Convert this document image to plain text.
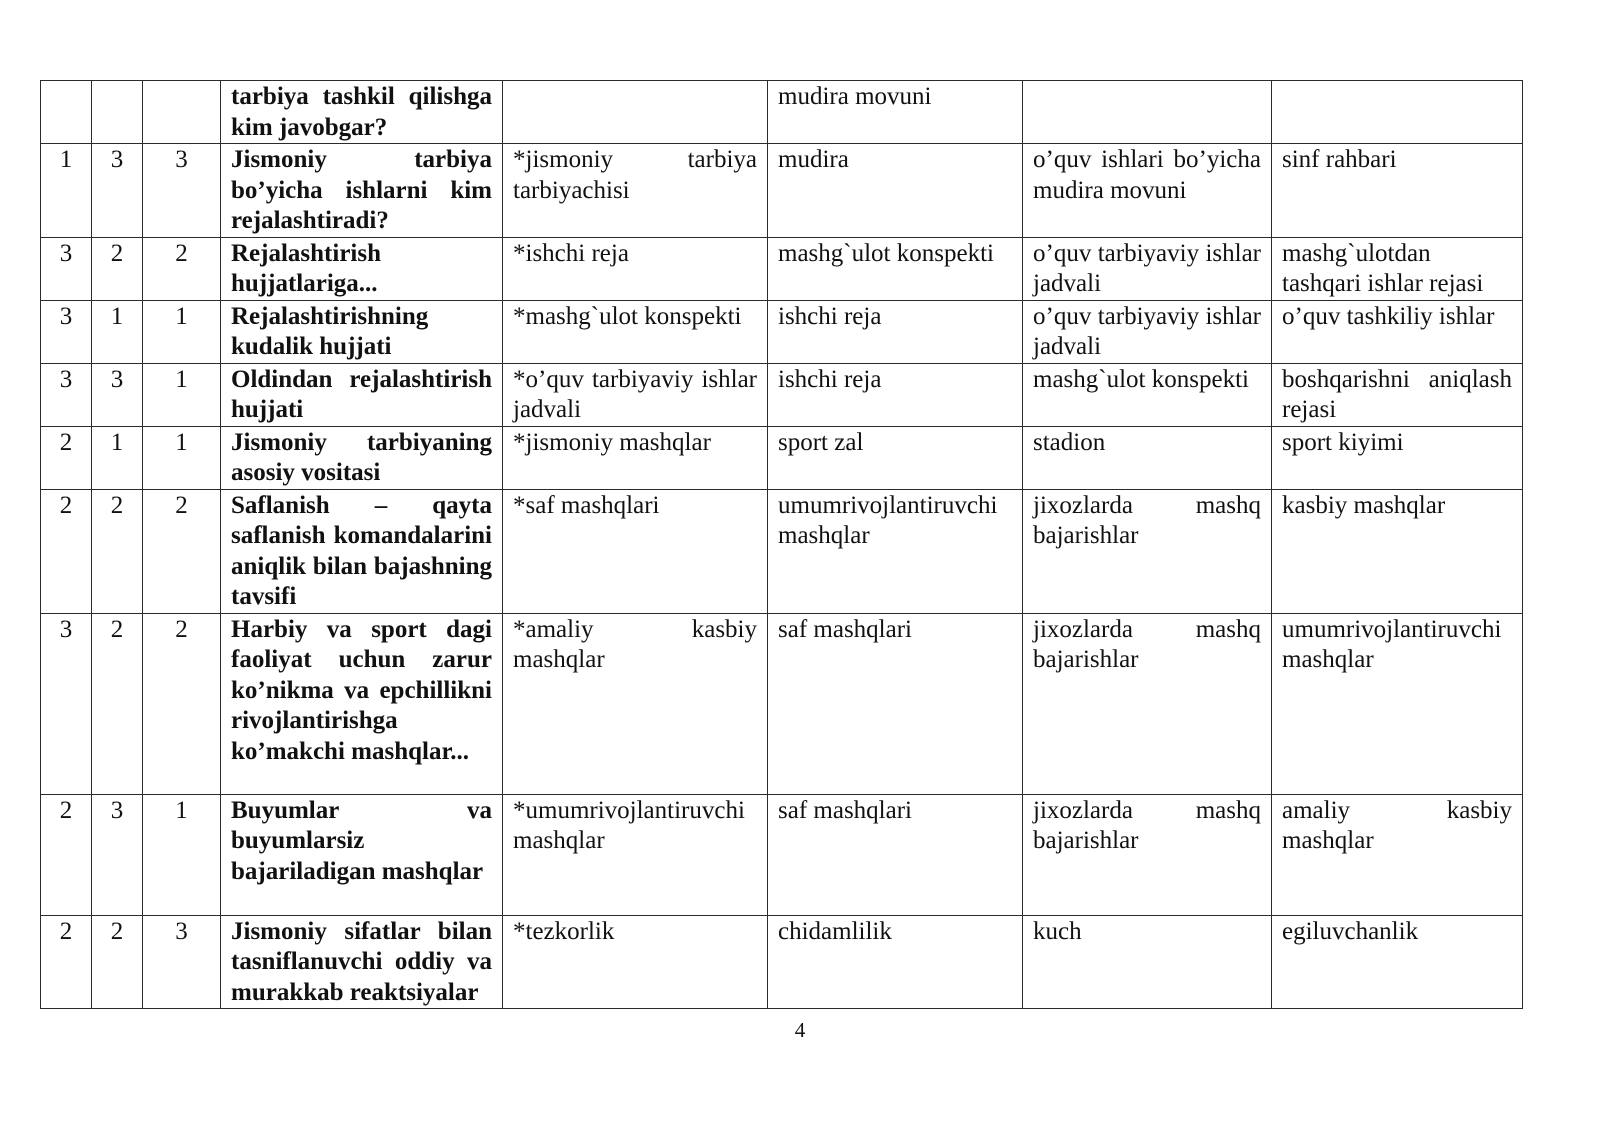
			tarbiya tashkil qilishga kim javobgar?		mudira movuni		
1	3	3	Jismoniy tarbiya bo’yicha ishlarni kim rejalashtiradi?	*jismoniy tarbiya tarbiyachisi	mudira	o’quv ishlari bo’yicha mudira movuni	sinf rahbari
3	2	2	Rejalashtirish hujjatlariga...	*ishchi reja	mashg`ulot konspekti	o’quv tarbiyaviy ishlar jadvali	mashg`ulotdan tashqari ishlar rejasi
3	1	1	Rejalashtirishning kudalik hujjati	*mashg`ulot konspekti	ishchi reja	o’quv tarbiyaviy ishlar jadvali	o’quv tashkiliy ishlar
3	3	1	Oldindan rejalashtirish hujjati	*o’quv tarbiyaviy ishlar jadvali	ishchi reja	mashg`ulot konspekti	boshqarishni aniqlash rejasi
2	1	1	Jismoniy tarbiyaning asosiy vositasi	*jismoniy mashqlar	sport zal	stadion	sport kiyimi
2	2	2	Saflanish – qayta saflanish komandalarini aniqlik bilan bajashning tavsifi	*saf mashqlari	umumrivojlantiruvchi mashqlar	jixozlarda mashq bajarishlar	kasbiy mashqlar
3	2	2	Harbiy va sport dagi faoliyat uchun zarur ko’nikma va epchillikni rivojlantirishga ko’makchi mashqlar...	*amaliy kasbiy mashqlar	saf mashqlari	jixozlarda mashq bajarishlar	umumrivojlantiruvchi mashqlar
2	3	1	Buyumlar va buyumlarsiz bajariladigan mashqlar	*umumrivojlantiruvchi mashqlar	saf mashqlari	jixozlarda mashq bajarishlar	amaliy kasbiy mashqlar
2	2	3	Jismoniy sifatlar bilan tasniflanuvchi oddiy va murakkab reaktsiyalar	*tezkorlik	chidamlilik	kuch	egiluvchanlik
4
